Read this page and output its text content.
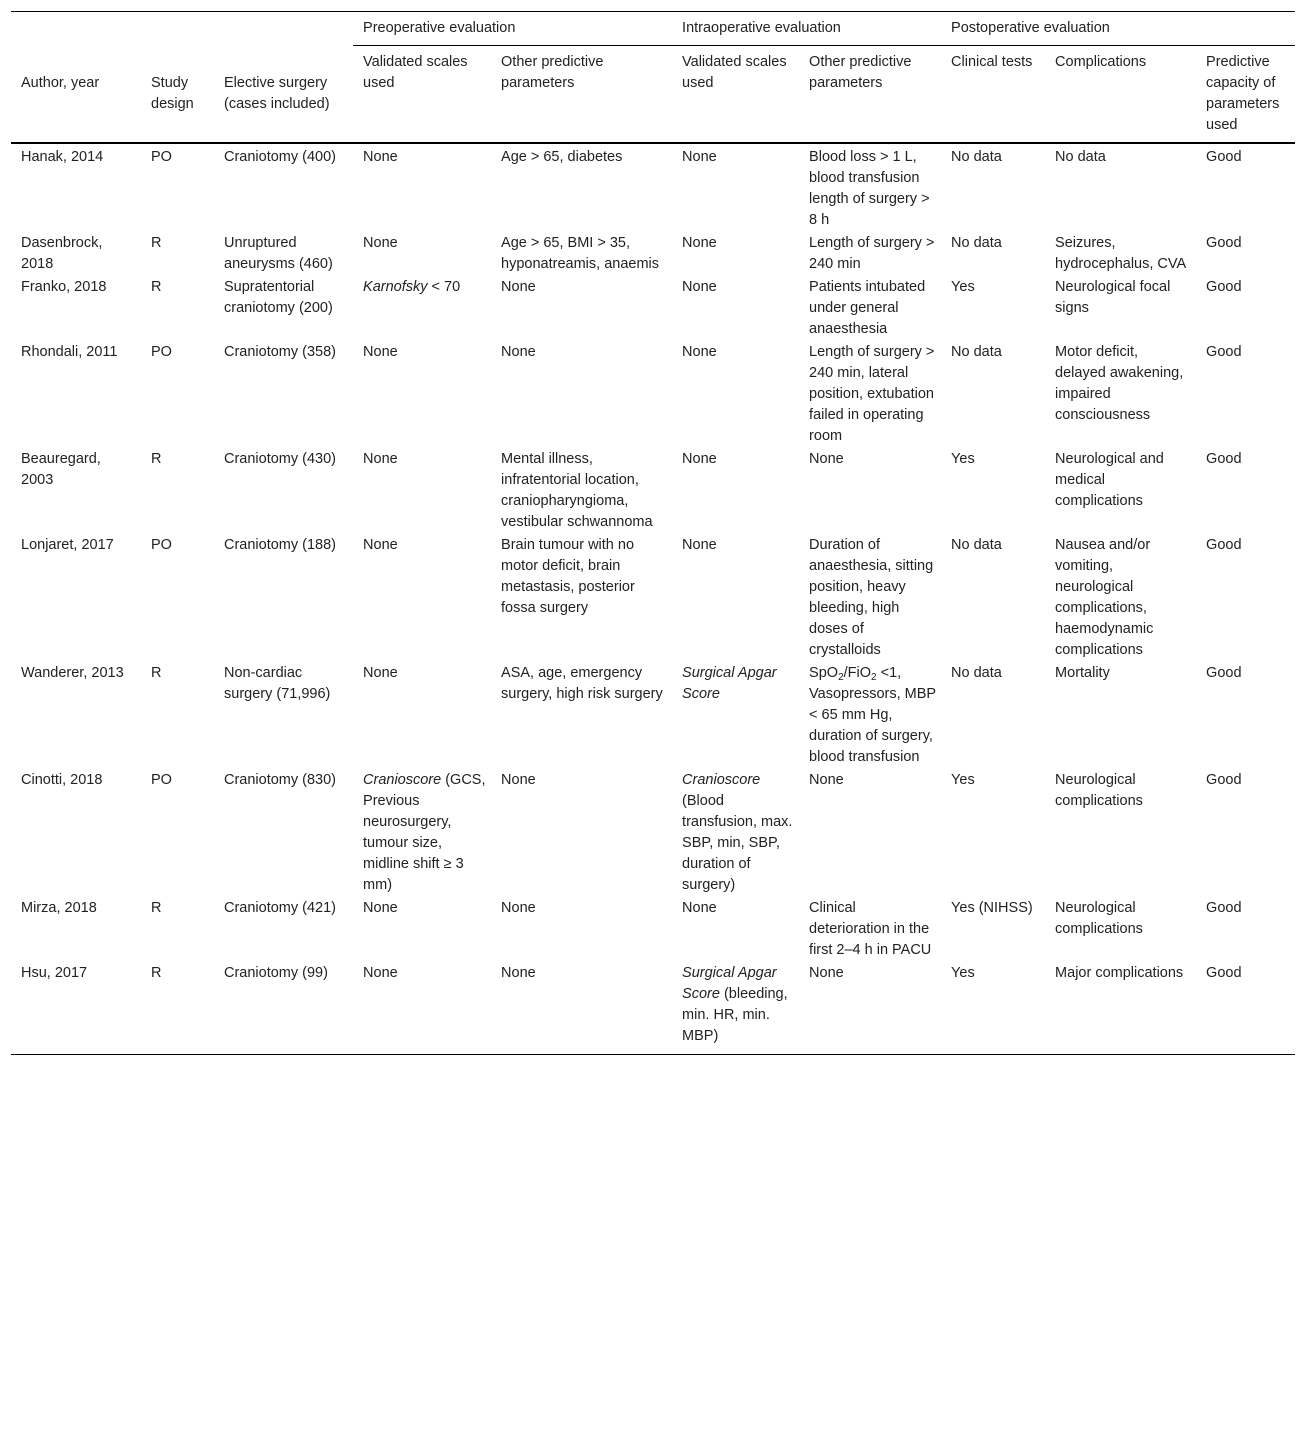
			Preoperative evaluation		Intraoperative evaluation		Postoperative evaluation		

Author, year	Study design	Elective surgery (cases included)	Validated scales used	Other predictive parameters	Validated scales used	Other predictive parameters	Clinical tests	Complications	Predictive capacity of parameters used
Hanak, 2014	PO	Craniotomy (400)	None	Age > 65, diabetes	None	Blood loss > 1 L, blood transfusion length of surgery > 8 h	No data	No data	Good
Dasenbrock, 2018	R	Unruptured aneurysms (460)	None	Age > 65, BMI > 35, hyponatreamis, anaemis	None	Length of surgery > 240 min	No data	Seizures, hydrocephalus, CVA	Good
Franko, 2018	R	Supratentorial craniotomy (200)	Karnofsky < 70	None	None	Patients intubated under general anaesthesia	Yes	Neurological focal signs	Good
Rhondali, 2011	PO	Craniotomy (358)	None	None	None	Length of surgery > 240 min, lateral position, extubation failed in operating room	No data	Motor deficit, delayed awakening, impaired consciousness	Good
Beauregard, 2003	R	Craniotomy (430)	None	Mental illness, infratentorial location, craniopharyngioma, vestibular schwannoma	None	None	Yes	Neurological and medical complications	Good
Lonjaret, 2017	PO	Craniotomy (188)	None	Brain tumour with no motor deficit, brain metastasis, posterior fossa surgery	None	Duration of anaesthesia, sitting position, heavy bleeding, high doses of crystalloids	No data	Nausea and/or vomiting, neurological complications, haemodynamic complications	Good
Wanderer, 2013	R	Non-cardiac surgery (71,996)	None	ASA, age, emergency surgery, high risk surgery	Surgical Apgar Score	SpO$_2$/FiO$_2$ <1, Vasopressors, MBP < 65 mm Hg, duration of surgery, blood transfusion	No data	Mortality	Good
Cinotti, 2018	PO	Craniotomy (830)	Cranioscore (GCS, Previous neurosurgery, tumour size, midline shift ≥ 3 mm)	None	Cranioscore (Blood transfusion, max. SBP, min, SBP, duration of surgery)	None	Yes	Neurological complications	Good
Mirza, 2018	R	Craniotomy (421)	None	None	None	Clinical deterioration in the first 2–4 h in PACU	Yes (NIHSS)	Neurological complications	Good
Hsu, 2017	R	Craniotomy (99)	None	None	Surgical Apgar Score (bleeding, min. HR, min. MBP)	None	Yes	Major complications	Good
